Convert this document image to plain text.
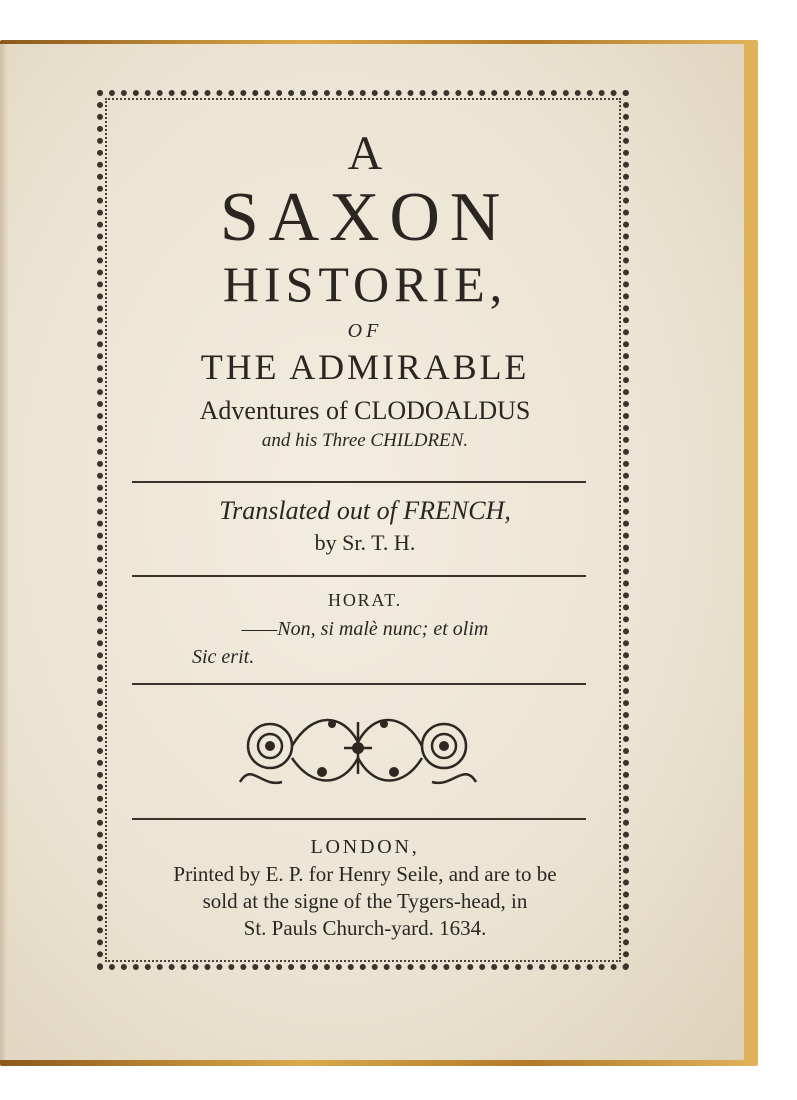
A
SAXON
HISTORIE,
OF
THE ADMIRABLE
Adventures of CLODOALDUS
and his Three CHILDREN.
Translated out of FRENCH,
by Sr. T. H.
HORAT.
——Non, si malè nunc; et olim
Sic erit.
LONDON,
Printed by E. P. for Henry Seile, and are to be
sold at the signe of the Tygers-head, in
St. Pauls Church-yard. 1634.
